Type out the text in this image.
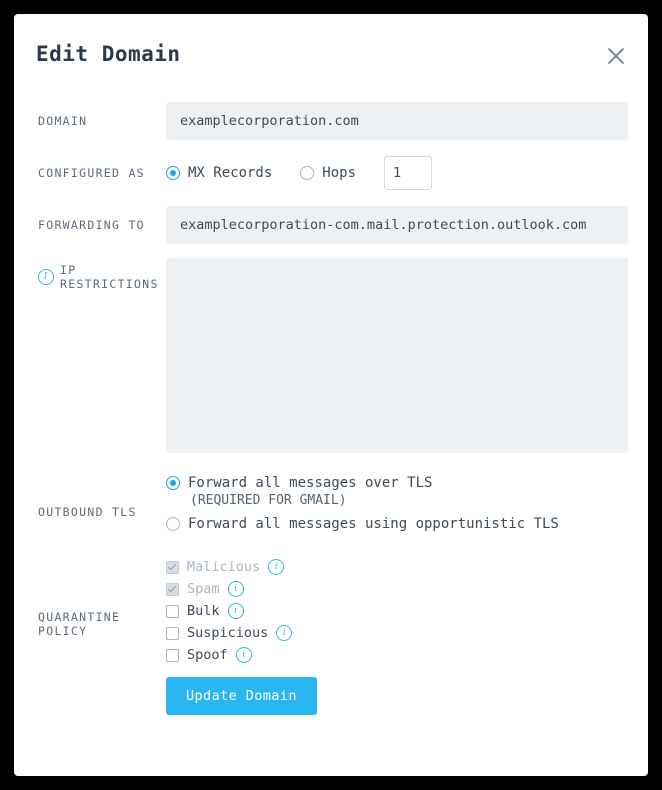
Edit Domain
DOMAIN
examplecorporation.com
CONFIGURED AS	MX Records	Hops
1
FORWARDING TO
examplecorporation-com.mail.protection.outlook.com
I	IP RESTRICTIONS
OUTBOUND TLS
Forward all messages over TLS
(REQUIRED FOR GMAIL)
Forward all messages using opportunistic TLS
QUARANTINE POLICY
Malicious	i
Spam	i
Bulk	i
Suspicious	i
Spoof	i
Update Domain
